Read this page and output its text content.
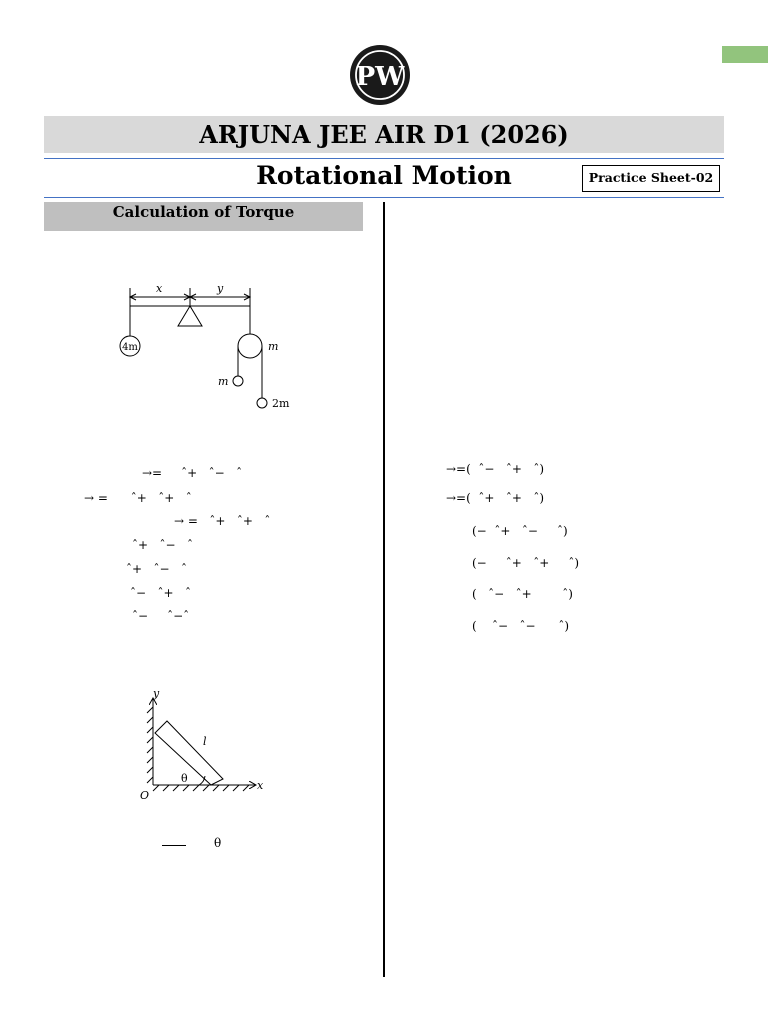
PW
ARJUNA JEE AIR D1 (2026)
Rotational Motion	Practice Sheet-02
Calculation of Torque
x	y
4m	m
m
2m
→=     ˆ+   ˆ−   ˆ
→ =      ˆ+   ˆ+   ˆ
→ =   ˆ+   ˆ+   ˆ
ˆ+   ˆ−   ˆ
ˆ+   ˆ−   ˆ
ˆ−   ˆ+   ˆ
ˆ−     ˆ−ˆ
→=(  ˆ−   ˆ+   ˆ)
→=(  ˆ+   ˆ+   ˆ)
(−  ˆ+   ˆ−     ˆ)
(−     ˆ+   ˆ+     ˆ)
(   ˆ−   ˆ+        ˆ)
(    ˆ−   ˆ−      ˆ)
y
x
l
θ
O
θ
